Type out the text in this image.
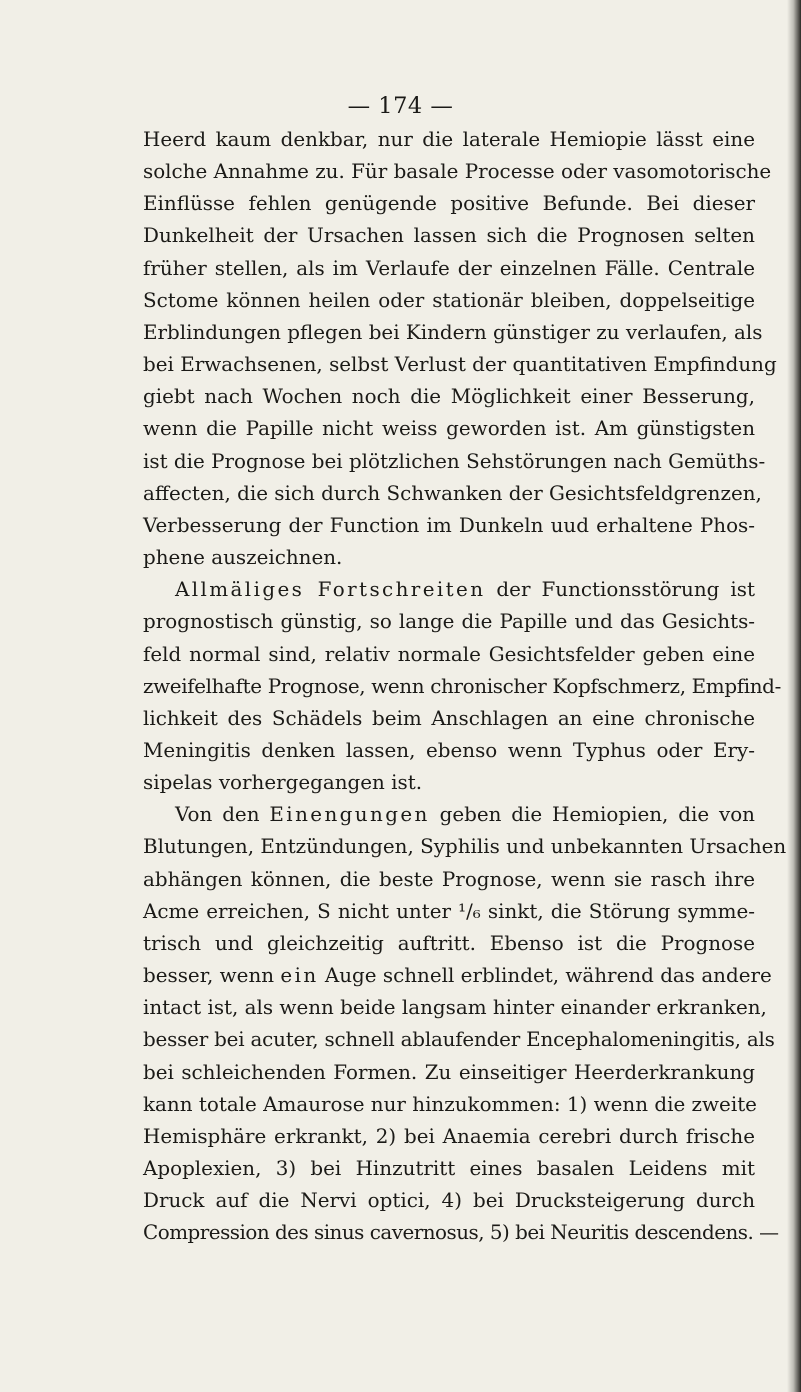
— 174 —
Heerd kaum denkbar, nur die laterale Hemiopie lässt eine
solche Annahme zu. Für basale Processe oder vasomotorische
Einflüsse fehlen genügende positive Befunde. Bei dieser
Dunkelheit der Ursachen lassen sich die Prognosen selten
früher stellen, als im Verlaufe der einzelnen Fälle. Centrale
Sctome können heilen oder stationär bleiben, doppelseitige
Erblindungen pflegen bei Kindern günstiger zu verlaufen, als
bei Erwachsenen, selbst Verlust der quantitativen Empfindung
giebt nach Wochen noch die Möglichkeit einer Besserung,
wenn die Papille nicht weiss geworden ist. Am günstigsten
ist die Prognose bei plötzlichen Sehstörungen nach Gemüths-
affecten, die sich durch Schwanken der Gesichtsfeldgrenzen,
Verbesserung der Function im Dunkeln uud erhaltene Phos-
phene auszeichnen.
Allmäliges Fortschreiten der Functionsstörung ist
prognostisch günstig, so lange die Papille und das Gesichts-
feld normal sind, relativ normale Gesichtsfelder geben eine
zweifelhafte Prognose, wenn chronischer Kopfschmerz, Empfind-
lichkeit des Schädels beim Anschlagen an eine chronische
Meningitis denken lassen, ebenso wenn Typhus oder Ery-
sipelas vorhergegangen ist.
Von den Einengungen geben die Hemiopien, die von
Blutungen, Entzündungen, Syphilis und unbekannten Ursachen
abhängen können, die beste Prognose, wenn sie rasch ihre
Acme erreichen, S nicht unter ¹/₆ sinkt, die Störung symme-
trisch und gleichzeitig auftritt. Ebenso ist die Prognose
besser, wenn ein Auge schnell erblindet, während das andere
intact ist, als wenn beide langsam hinter einander erkranken,
besser bei acuter, schnell ablaufender Encephalomeningitis, als
bei schleichenden Formen. Zu einseitiger Heerderkrankung
kann totale Amaurose nur hinzukommen: 1) wenn die zweite
Hemisphäre erkrankt, 2) bei Anaemia cerebri durch frische
Apoplexien, 3) bei Hinzutritt eines basalen Leidens mit
Druck auf die Nervi optici, 4) bei Drucksteigerung durch
Compression des sinus cavernosus, 5) bei Neuritis descendens. —
